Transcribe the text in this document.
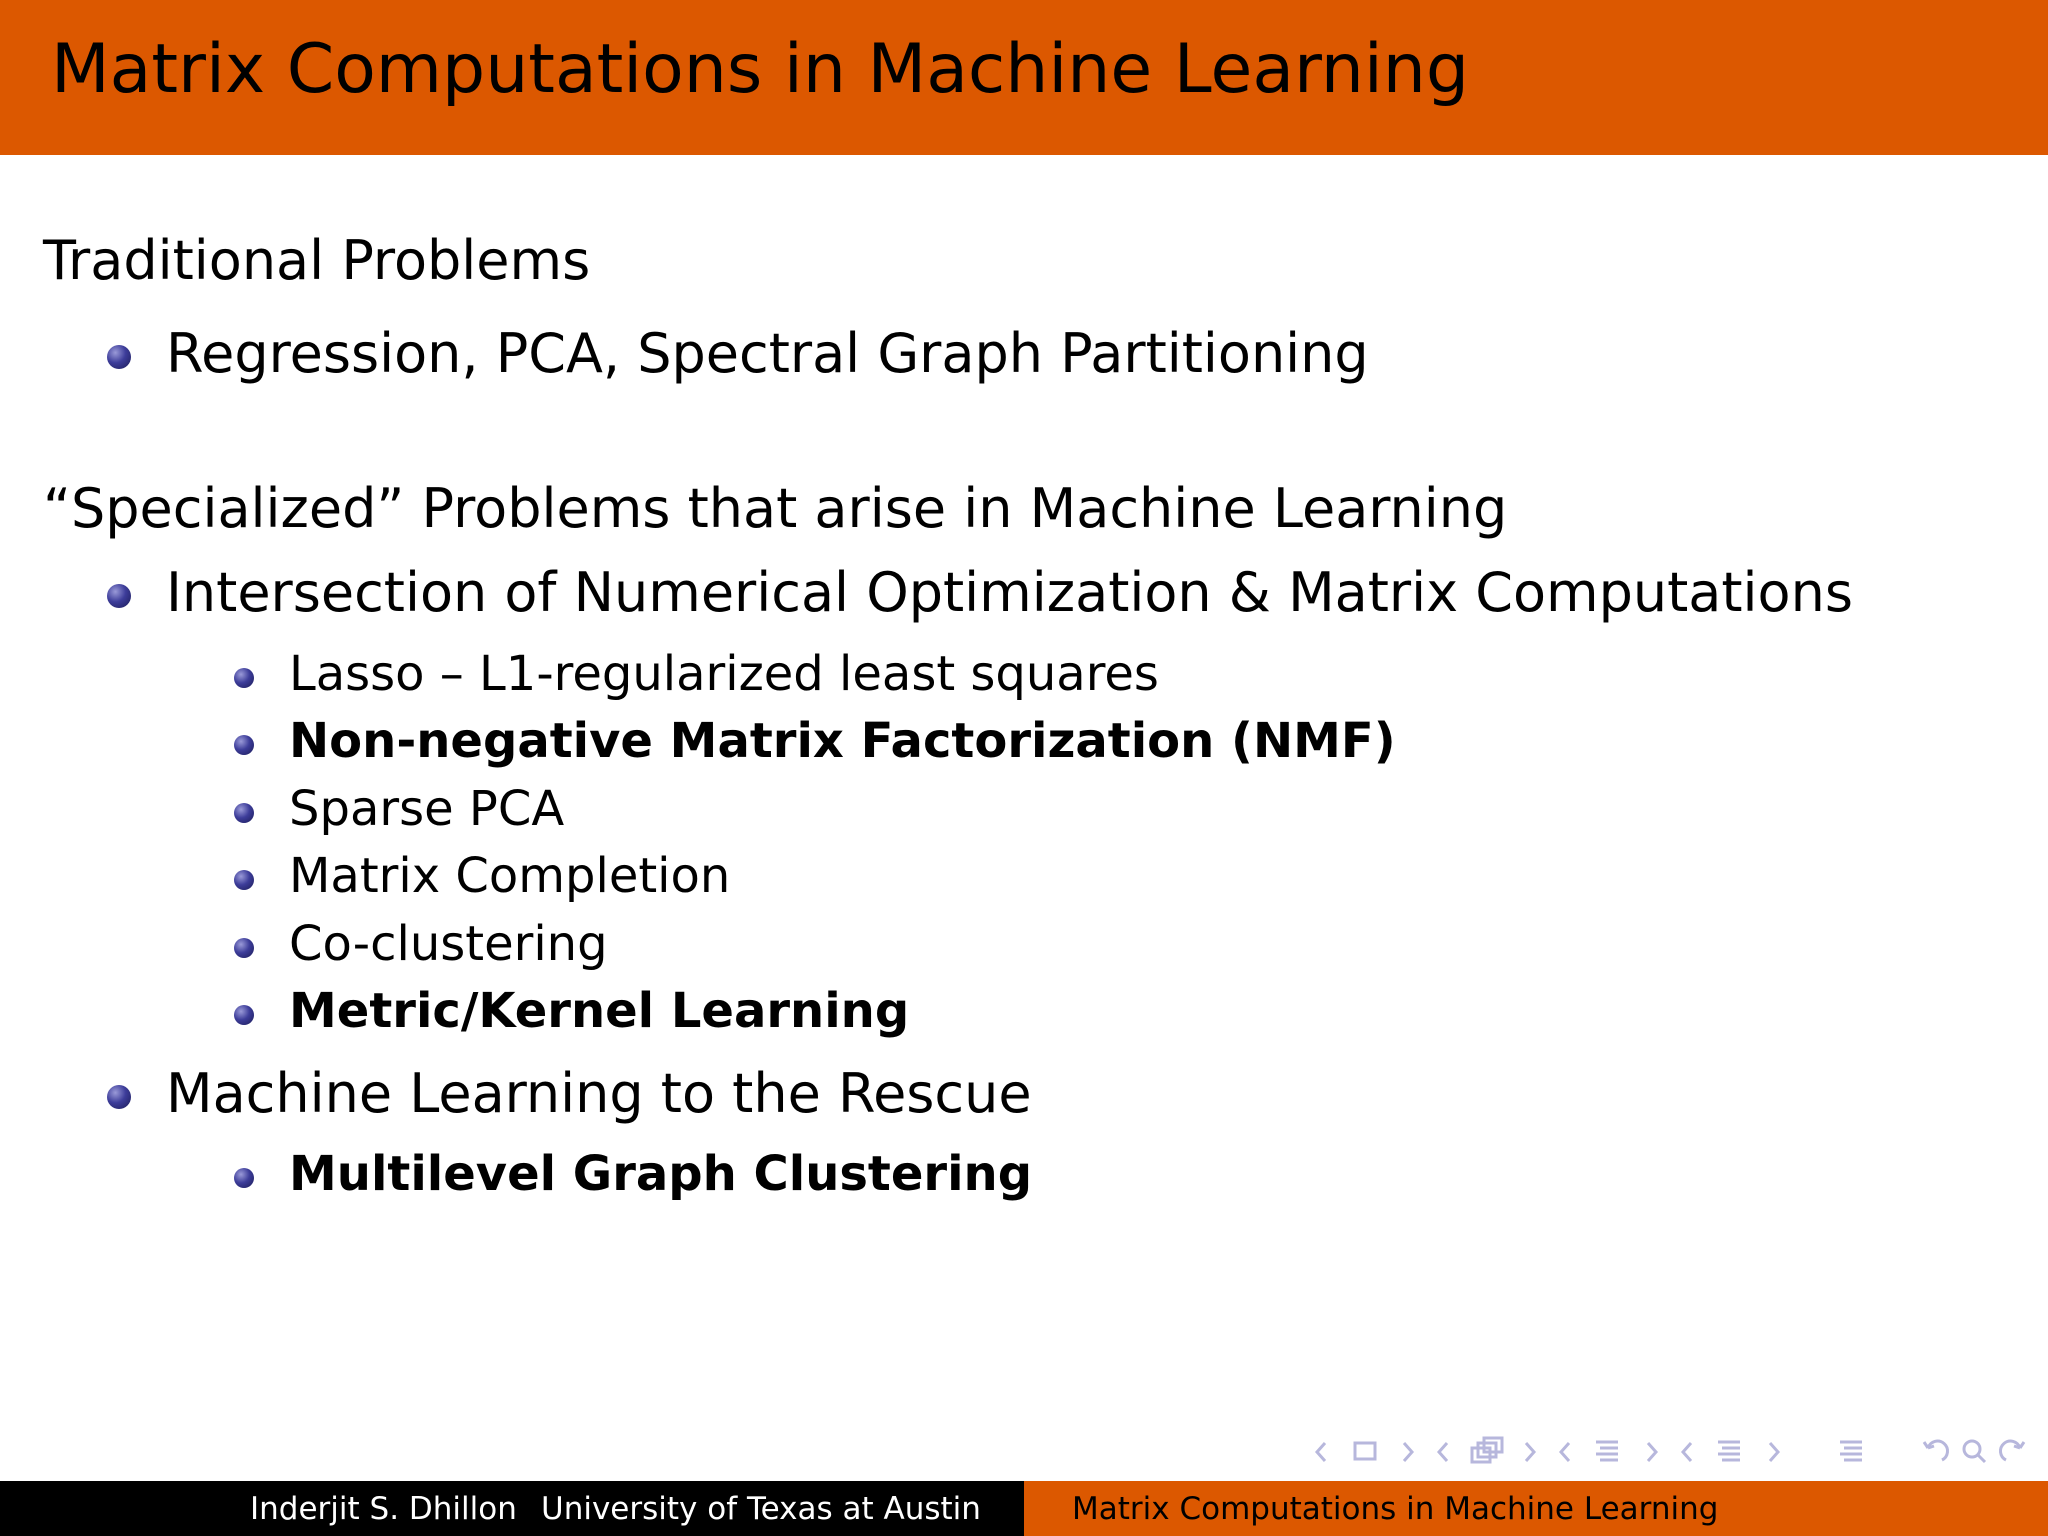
Matrix Computations in Machine Learning
Traditional Problems
Regression, PCA, Spectral Graph Partitioning
“Specialized” Problems that arise in Machine Learning
Intersection of Numerical Optimization & Matrix Computations
Lasso – L1-regularized least squares
Non-negative Matrix Factorization (NMF)
Sparse PCA
Matrix Completion
Co-clustering
Metric/Kernel Learning
Machine Learning to the Rescue
Multilevel Graph Clustering
Inderjit S. Dhillon University of Texas at Austin	Matrix Computations in Machine Learning
